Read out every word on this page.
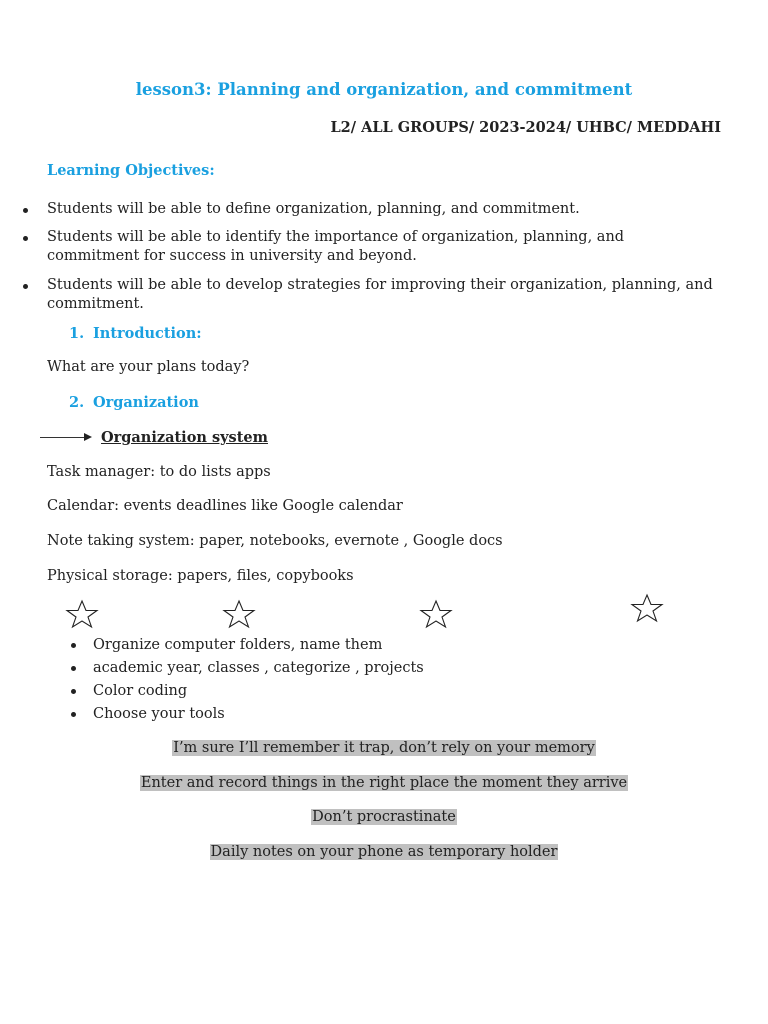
lesson3: Planning and organization, and commitment
L2/ ALL GROUPS/ 2023-2024/ UHBC/ MEDDAHI
Learning Objectives:
Students will be able to define organization, planning, and commitment.
Students will be able to identify the importance of organization, planning, and commitment for success in university and beyond.
Students will be able to develop strategies for improving their organization, planning, and commitment.
1. Introduction:
What are your plans today?
2. Organization
Organization system
Task manager: to do lists apps
Calendar: events deadlines like Google calendar
Note taking system: paper, notebooks, evernote , Google docs
Physical storage: papers, files, copybooks
Organize computer folders, name them
academic year, classes , categorize , projects
Color coding
Choose your tools
I’m sure I’ll remember it trap, don’t rely on your memory
Enter and record things in the right place the moment they arrive
Don’t procrastinate
Daily notes on your phone as temporary holder
